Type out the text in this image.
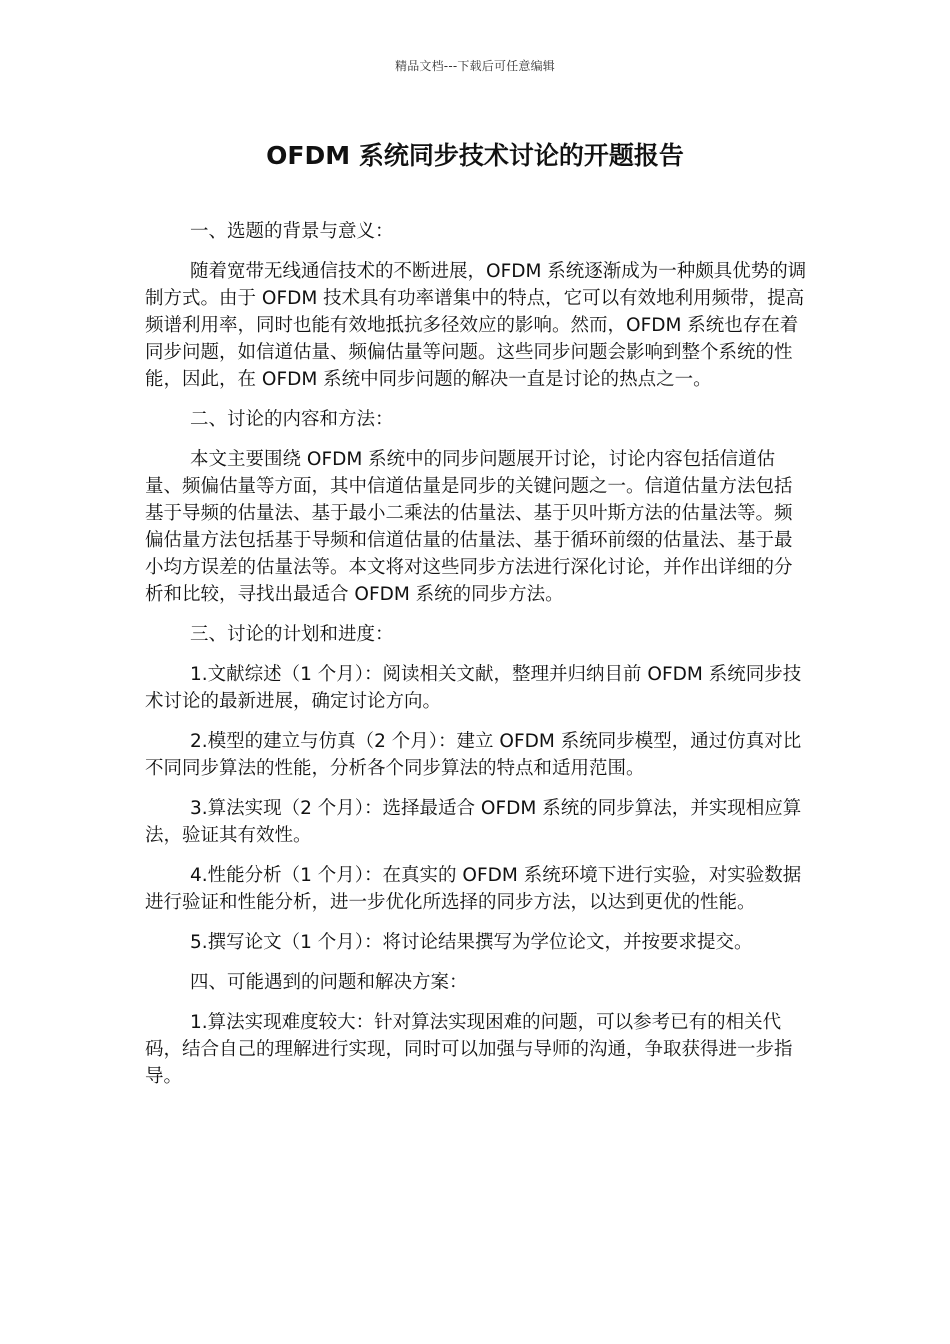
精品文档---下载后可任意编辑
OFDM 系统同步技术讨论的开题报告

一、选题的背景与意义：

随着宽带无线通信技术的不断进展，OFDM 系统逐渐成为一种颇具优势的调制方式。由于 OFDM 技术具有功率谱集中的特点，它可以有效地利用频带，提高频谱利用率，同时也能有效地抵抗多径效应的影响。然而，OFDM 系统也存在着同步问题，如信道估量、频偏估量等问题。这些同步问题会影响到整个系统的性能，因此，在 OFDM 系统中同步问题的解决一直是讨论的热点之一。

二、讨论的内容和方法：

本文主要围绕 OFDM 系统中的同步问题展开讨论，讨论内容包括信道估量、频偏估量等方面，其中信道估量是同步的关键问题之一。信道估量方法包括基于导频的估量法、基于最小二乘法的估量法、基于贝叶斯方法的估量法等。频偏估量方法包括基于导频和信道估量的估量法、基于循环前缀的估量法、基于最小均方误差的估量法等。本文将对这些同步方法进行深化讨论，并作出详细的分析和比较，寻找出最适合 OFDM 系统的同步方法。

三、讨论的计划和进度：

1.文献综述（1 个月）：阅读相关文献，整理并归纳目前 OFDM 系统同步技术讨论的最新进展，确定讨论方向。

2.模型的建立与仿真（2 个月）：建立 OFDM 系统同步模型，通过仿真对比不同同步算法的性能，分析各个同步算法的特点和适用范围。

3.算法实现（2 个月）：选择最适合 OFDM 系统的同步算法，并实现相应算法，验证其有效性。

4.性能分析（1 个月）：在真实的 OFDM 系统环境下进行实验，对实验数据进行验证和性能分析，进一步优化所选择的同步方法，以达到更优的性能。

5.撰写论文（1 个月）：将讨论结果撰写为学位论文，并按要求提交。

四、可能遇到的问题和解决方案：

1.算法实现难度较大：针对算法实现困难的问题，可以参考已有的相关代码，结合自己的理解进行实现，同时可以加强与导师的沟通，争取获得进一步指导。
